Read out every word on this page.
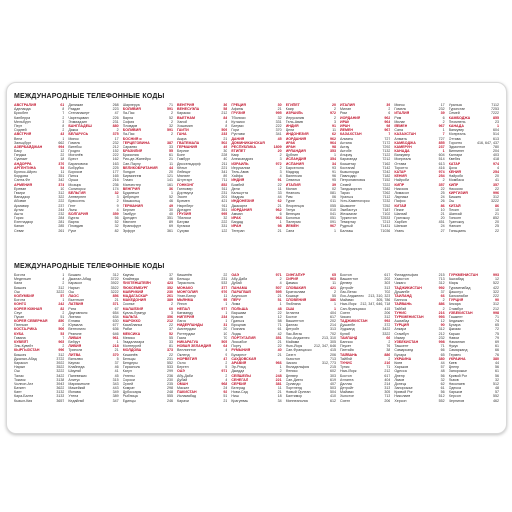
МЕЖДУНАРОДНЫЕ ТЕЛЕФОННЫЕ КОДЫ
АВСТРАЛИЯ	61
Аделаида	8
Брисбен	7
Канберра	2
Мельбурн	3
Перт	8
Сидней	2
АВСТРИЯ	43
Вена	1
Зальцбург	662
АЗЕРБАЙДЖАН	994
Баку	12
Гянджа	22
Сумгаит	18
АНДОРРА	376
АРГЕНТИНА	54
Буэнос-Айрес	11
Кордова	351
Санта-Фе	342
АРМЕНИЯ	374
Ереван	10
Гюмри	312
Ванадзор	322
Абовян	222
Армавир	237
Артик	244
Ашта	232
Горис	284
Ехегнадзор	281
Капан	285
Севан	261
Дилижан	268
Раздан	223
Степанакерт	47
Чаренцаван	226
Эчмиадзин	231
БАНГЛАДЕШ	880
Дакка	2
БЕЛАРУСЬ	375
Минск	17
Гомель	232
Витебск	212
Гродно	152
Могилёв	222
Брест	162
Барановичи	163
Бобруйск	225
Борисов	177
Пинск	165
Орша	216
Мозырь	236
Солигорск	174
БЕЛЬГИЯ	32
Антверпен	3
Брюссель	2
Гент	9
Льеж	4
БОЛГАРИЯ	359
Бургас	56
Варна	52
Пловдив	32
Русе	82
Шарлеруа	71
БОЛИВИЯ	591
Ла-Пас	2
Варна	52
София	2
Пловдив	32
БОЛИВИЯ	591
Ла-Пас	2
БОСНИЯ и
ГЕРЦЕГОВИНА	387
Сараево	33
БРАЗИЛИЯ	55
Бразилиа	61
Рио-де-Жанейро	21
Сан-Паулу	11
ВЕЛИКОБРИТАНИЯ	44
Лондон	20
Бирмингем	121
Глазго	141
Манчестер	161
ВЕНГРИЯ	36
Будапешт	1
Дебрецен	52
Мишкольц	46
ГЕРМАНИЯ	49
Берлин	30
Гамбург	40
Дрезден	351
Мюнхен	89
Франкфурт	69
Эрфурт	361
ВЕНГРИЯ	36
ВЕНЕСУЭЛА	58
Каракас	212
ВЬЕТНАМ	84
Ханой	4
Хошимин	8
ГАИТИ	509
ГАНА	233
Аккра	21
ГВАТЕМАЛА	502
ГЕРМАНИЯ	49
Берлин	30
Бонн	228
Гамбург	40
Дюссельдорф	211
Кёльн	221
Лейпциг	341
Мюнхен	89
Штутгарт	711
ГОНКОНГ	852
Ганновер	511
Дортмунд	231
Эссен	201
Бремен	421
Нюрнберг	911
Дрезден	351
ГРУЗИЯ	995
Тбилиси	32
Батуми	222
Кутаиси	331
Сухуми	122
ГРЕЦИЯ	30
Афины	21
ГРУЗИЯ	995
Тбилиси	32
Кутаиси	331
Батуми	222
Гори	370
Рустави	341
ДАНИЯ	45
ДОМИНИКАНСКАЯ
РЕСПУБЛИКА	1809
ЕГИПЕТ	20
Каир	2
Александрия	3
ИЗРАИЛЬ	972
Иерусалим	2
Тель-Авив	3
Хайфа	4
ИНДИЯ	91
Бомбей	22
Дели	11
Калькутта	33
Мадрас	44
ИНДОНЕЗИЯ	62
Джакарта	21
ИОРДАНИЯ	962
Амман	6
ИРАК	964
Багдад	1
ИРАН	98
Тегеран	21
ЕГИПЕТ	20
Каир	2
ИЗРАИЛЬ	972
Иерусалим	2
Тель-Авив	3
ИНДИЯ	91
Дели	11
ИНДОНЕЗИЯ	62
ИОРДАНИЯ	962
ИРАК	964
ИРАН	98
ИРЛАНДИЯ	353
Дублин	1
ИСЛАНДИЯ	354
ИСПАНИЯ	34
Барселона	93
Мадрид	91
Валенсия	96
Севилья	95
ИТАЛИЯ	39
Милан	02
Неаполь	081
Рим	06
Турин	011
Флоренция	055
Генуя	010
Венеция	041
Болонья	051
Палермо	091
ЙЕМЕН	967
Сана	1
ИТАЛИЯ	39
Милан	2
Рим	6
ИОРДАНИЯ	962
ИРАК	964
ИРАН	98
ЙЕМЕН	967
КАЗАХСТАН	7
Алматы	727
Астана	7172
Актау	7292
Актобе	7132
Атырау	7122
Караганда	7212
Кокшетау	7162
Костанай	7142
Кызылорда	7242
Павлодар	7182
Петропавловск	7152
Семей	7222
Талдыкорган	7282
Тараз	7262
Уральск	7112
Усть-Каменогорск	7232
Шымкент	7252
Экибастуз	7187
Жезказган	7102
Туркестан	72533
Темиртау	7213
Рудный	71431
Балхаш	71036
Минск	17
Гомель	232
ИТАЛИЯ	39
Рим	6
Милан	2
ЙЕМЕН	967
Сана	1
КАЗАХСТАН	7
Алматы	727
КАМБОДЖА	855
КАМЕРУН	237
КАНАДА	1
Ванкувер	604
Монреаль	514
Оттава	613
Торонто	416
КАТАР	974
КЕНИЯ	254
Найроби	2
КИПР	357
Никосия	22
Лимасол	25
Ларнака	24
Пафос	26
КИТАЙ	86
Пекин	10
Шанхай	21
Гуанчжоу	20
Харбин	451
Шэньян	24
Ухань	27
Уральск	7112
Туркестан	7253
Семей	7222
КАМБОДЖА	855
Пномпень	23
КАНАДА	1
Ванкувер	604
Монреаль	514
Оттава	613
Торонто	416, 647, 437
Эдмонтон	780
Виннипег	204
Калгари	403
Квебек	418
КАТАР	974
Доха	4
КЕНИЯ	254
Найроби	20
Момбаса	41
КИПР	357
Никосия	22
КИРГИЗИЯ	996
Бишкек	312
Ош	3222
КИТАЙ	86
Пекин	10
Шанхай	21
Гонконг	852
Гуанчжоу	20
Нанкин	25
Тяньцзинь	22
МЕЖДУНАРОДНЫЕ ТЕЛЕФОННЫЕ КОДЫ
Богота	1
Медельин	4
Кали	2
Бишкек	312
Ош	3222
КОЛУМБИЯ	57
Богота	1
КОНГО	242
КОРЕЯ ЮЖНАЯ	82
Сеул	2
Пусан	51
КОРЕЯ СЕВЕРНАЯ	850
Пхеньян	2
КОСТА-РИКА	506
КУБА	53
Гавана	7
КУВЕЙТ	965
Эль-Кувейт	2
КЫРГЫЗСТАН	996
Бишкек	312
Джалал-Абад	3722
Каракол	3922
Нарын	3522
Ош	3222
Талас	3422
Токмок	3138
Чолпон-Ата	3943
Баткен	3622
Кант	3132
Кара-Балта	3133
Кызыл-Кия	3657
Бишкек	312
Джалал-Абад	3722
Каракол	3922
Нарын	3522
Ош	3222
ЛАОС	856
Вьентьян	21
ЛАТВИЯ	371
Рига	67
Даугавпилс	654
Лиепая	634
Елгава	630
Юрмала	677
Вентспилс	636
Резекне	646
ЛИВАН	961
Бейрут	1
ЛИВИЯ	218
Триполи	21
ЛИТВА	370
Вильнюс	5
Каунас	37
Клайпеда	46
Шяуляй	41
Паневежис	45
Алитус	315
Мариямполе	343
Мажейкяй	443
Йонава	349
Утена	389
Кедайняй	347
Каунас	37
Клайпеда	46
ЛИХТЕНШТЕЙН	423
ЛЮКСЕМБУРГ	352
МАВРИКИЙ	230
МАДАГАСКАР	261
МАКЕДОНИЯ	389
Скопье	2
МАЛАЙЗИЯ	60
Куала-Лумпур	3
МАЛЬТА	356
МАРОККО	212
Касабланка	22
Рабат	37
МЕКСИКА	52
Мехико	55
Гвадалахара	33
Монтеррей	81
МОЛДОВА	373
Кишинёв	22
Бельцы	231
Бендеры	552
Тирасполь	533
Кагул	299
Унгены	236
Сороки	230
Орхей	235
Комрат	298
Дубоссары	248
Рыбница	555
Единцы	246
Кишинёв	22
Бельцы	231
Тирасполь	533
МОНАКО	377
МОНГОЛИЯ	976
Улан-Батор	11
МЬЯНМА	95
Янгон	1
НЕПАЛ	977
Катманду	1
НИГЕРИЯ	234
Лагос	1
НИДЕРЛАНДЫ	31
Амстердам	20
Роттердам	10
Гаага	70
НИКАРАГУА	505
НОВАЯ ЗЕЛАНДИЯ	64
Веллингтон	4
Окленд	9
НОРВЕГИЯ	47
Осло	2
Берген	5
ОАЭ	971
Абу-Даби	2
Дубай	4
ОМАН	968
Маскат	24
ПАКИСТАН	92
Исламабад	51
Карачи	21
ОАЭ	971
Абу-Даби	2
Дубай	4
ПАНАМА	507
ПАРАГВАЙ	595
Асунсьон	21
ПЕРУ	51
Лима	1
ПОЛЬША	48
Варшава	22
Краков	12
Гданьск	58
Вроцлав	71
Познань	61
Лодзь	42
ПОРТУГАЛИЯ	351
Лиссабон	21
Порту	22
РУМЫНИЯ	40
Бухарест	21
САУДОВСКАЯ
АРАВИЯ	966
Эр-Рияд	1
Джидда	2
СЕЙШЕЛЫ	248
СЕНЕГАЛ	221
СЕРБИЯ	381
Белград	11
Нови-Сад	21
Ниш	18
Крагуевац	34
СИНГАПУР	65
СИРИЯ	963
Дамаск	11
СЛОВАКИЯ	421
Братислава	2
Кошице	55
СЛОВЕНИЯ	386
Любляна	1
США	1
Атланта	404
Бостон	617
Вашингтон	202
Даллас	214
Детройт	313
Лас-Вегас	702
Лос-Анджелес	213, 310
Майами	305
Нью-Йорк	212, 347, 646
Сан-Франциско	415
Сиэтл	206
Хьюстон	713
Чикаго	312, 773
Филадельфия	215
Феникс	602
Денвер	303
Сан-Диего	619
Орландо	407
Портленд	503
Новый Орлеан	504
Балтимор	410
Миннеаполис	612
Бостон	617
Вашингтон	202
Денвер	303
Детройт	313
Лас-Вегас	702
Лос-Анджелес	213, 310, 323
Майами	305, 786
Нью-Йорк	212, 347, 646, 718
Сан-Франциско	415
Сиэтл	206
Чикаго	312
ТАДЖИКИСТАН	992
Душанбе	372
Худжанд	3422
Куляб	3322
ТАИЛАНД	66
Бангкок	2
Пхукет	76
Паттайя	38
ТАЙВАНЬ	886
Тайбэй	2
ТУНИС	216
Тунис	71
Нью-Йорк	212
Бостон	617
Атланта	404
Даллас	214
Детройт	313
Майами	305
Хьюстон	713
Сиэтл	206
Филадельфия	215
Хьюстон	713
Чикаго	312
ТАДЖИКИСТАН	992
Душанбе	37
ТАИЛАНД	66
Бангкок	2
ТАЙВАНЬ	886
Тайбэй	2
ТУНИС	216
ТУРКМЕНИСТАН	993
Ашхабад	12
ТУРЦИЯ	90
Анкара	312
Стамбул	212
Измир	232
УЗБЕКИСТАН	998
Ташкент	71
Самарканд	66
Бухара	65
УКРАИНА	380
Киев	44
Харьков	57
Одесса	48
Днепр	56
Львов	32
Донецк	62
Запорожье	61
Кривой Рог	56
Николаев	512
Херсон	552
ТУРКМЕНИСТАН	993
Ашхабад	12
Мары	522
Туркменабад	422
Дашогуз	322
Балканабат	222
ТУРЦИЯ	90
Анкара	312
Стамбул	212
УЗБЕКИСТАН	998
Ташкент	71
Андижан	74
Бухара	65
Джизак	72
Карши	75
Навои	79
Наманган	69
Нукус	61
Самарканд	66
Термез	76
УКРАИНА	380
Киев	44
Днепр	56
Запорожье	61
Кривой Рог	56
Львов	32
Николаев	512
Одесса	48
Харьков	57
Херсон	552
Чернигов	462
